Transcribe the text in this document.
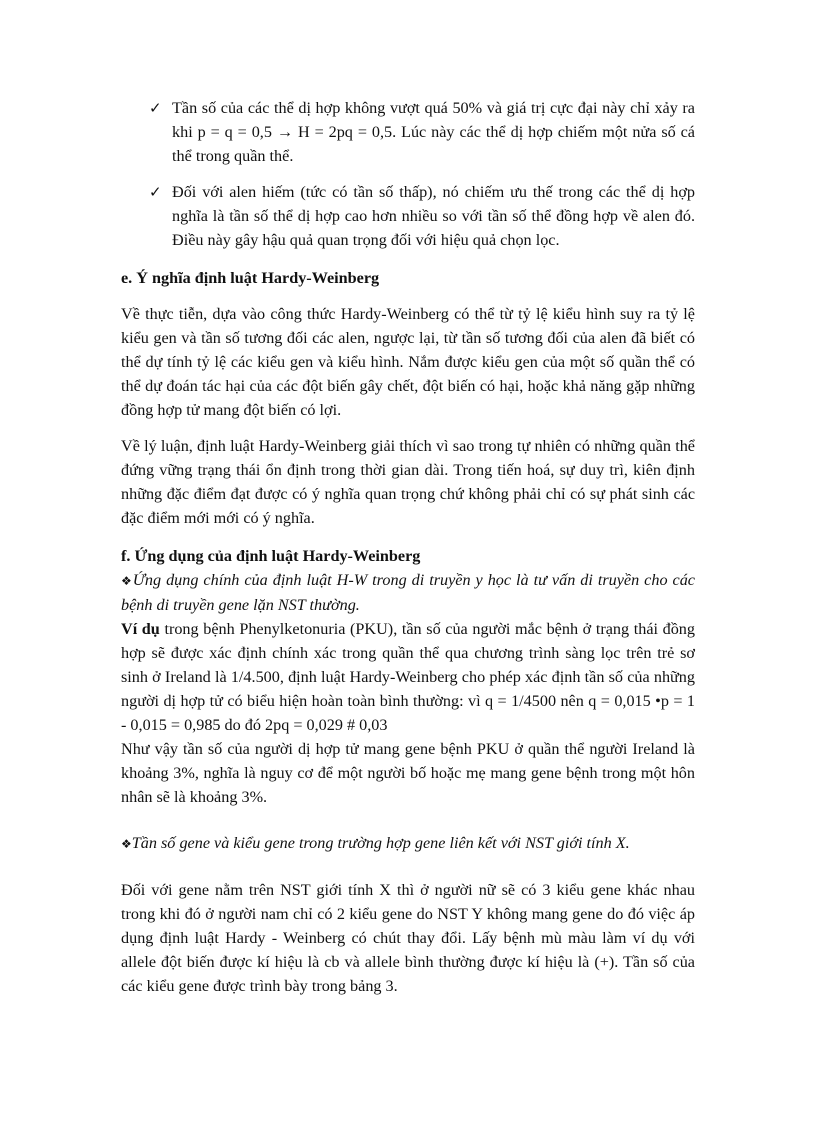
✓ Tần số của các thể dị hợp không vượt quá 50% và giá trị cực đại này chỉ xảy ra khi p = q = 0,5 → H = 2pq = 0,5. Lúc này các thể dị hợp chiếm một nửa số cá thể trong quần thể.
✓ Đối với alen hiếm (tức có tần số thấp), nó chiếm ưu thế trong các thể dị hợp nghĩa là tần số thể dị hợp cao hơn nhiều so với tần số thể đồng hợp về alen đó. Điều này gây hậu quả quan trọng đối với hiệu quả chọn lọc.

e. Ý nghĩa định luật Hardy-Weinberg

Về thực tiễn, dựa vào công thức Hardy-Weinberg có thể từ tỷ lệ kiểu hình suy ra tỷ lệ kiểu gen và tần số tương đối các alen, ngược lại, từ tần số tương đối của alen đã biết có thể dự tính tỷ lệ các kiểu gen và kiểu hình. Nắm được kiểu gen của một số quần thể có thể dự đoán tác hại của các đột biến gây chết, đột biến có hại, hoặc khả năng gặp những đồng hợp tử mang đột biến có lợi.

Về lý luận, định luật Hardy-Weinberg giải thích vì sao trong tự nhiên có những quần thể đứng vững trạng thái ổn định trong thời gian dài. Trong tiến hoá, sự duy trì, kiên định những đặc điểm đạt được có ý nghĩa quan trọng chứ không phải chỉ có sự phát sinh các đặc điểm mới mới có ý nghĩa.

f. Ứng dụng của định luật Hardy-Weinberg

❖Ứng dụng chính của định luật H-W trong di truyền y học là tư vấn di truyền cho các bệnh di truyền gene lặn NST thường.

Ví dụ trong bệnh Phenylketonuria (PKU), tần số của người mắc bệnh ở trạng thái đồng hợp sẽ được xác định chính xác trong quần thể qua chương trình sàng lọc trên trẻ sơ sinh ở Ireland là 1/4.500, định luật Hardy-Weinberg cho phép xác định tần số của những người dị hợp tử có biểu hiện hoàn toàn bình thường: vì q = 1/4500 nên q = 0,015 •p = 1 - 0,015 = 0,985 do đó 2pq = 0,029 # 0,03

Như vậy tần số của người dị hợp tử mang gene bệnh PKU ở quần thể người Ireland là khoảng 3%, nghĩa là nguy cơ để một người bố hoặc mẹ mang gene bệnh trong một hôn nhân sẽ là khoảng 3%.

❖Tần số gene và kiểu gene trong trường hợp gene liên kết với NST giới tính X.

Đối với gene nằm trên NST giới tính X thì ở người nữ sẽ có 3 kiểu gene khác nhau trong khi đó ở người nam chỉ có 2 kiểu gene do NST Y không mang gene do đó việc áp dụng định luật Hardy - Weinberg có chút thay đổi. Lấy bệnh mù màu làm ví dụ với allele đột biến được kí hiệu là cb và allele bình thường được kí hiệu là (+). Tần số của các kiểu gene được trình bày trong bảng 3.
